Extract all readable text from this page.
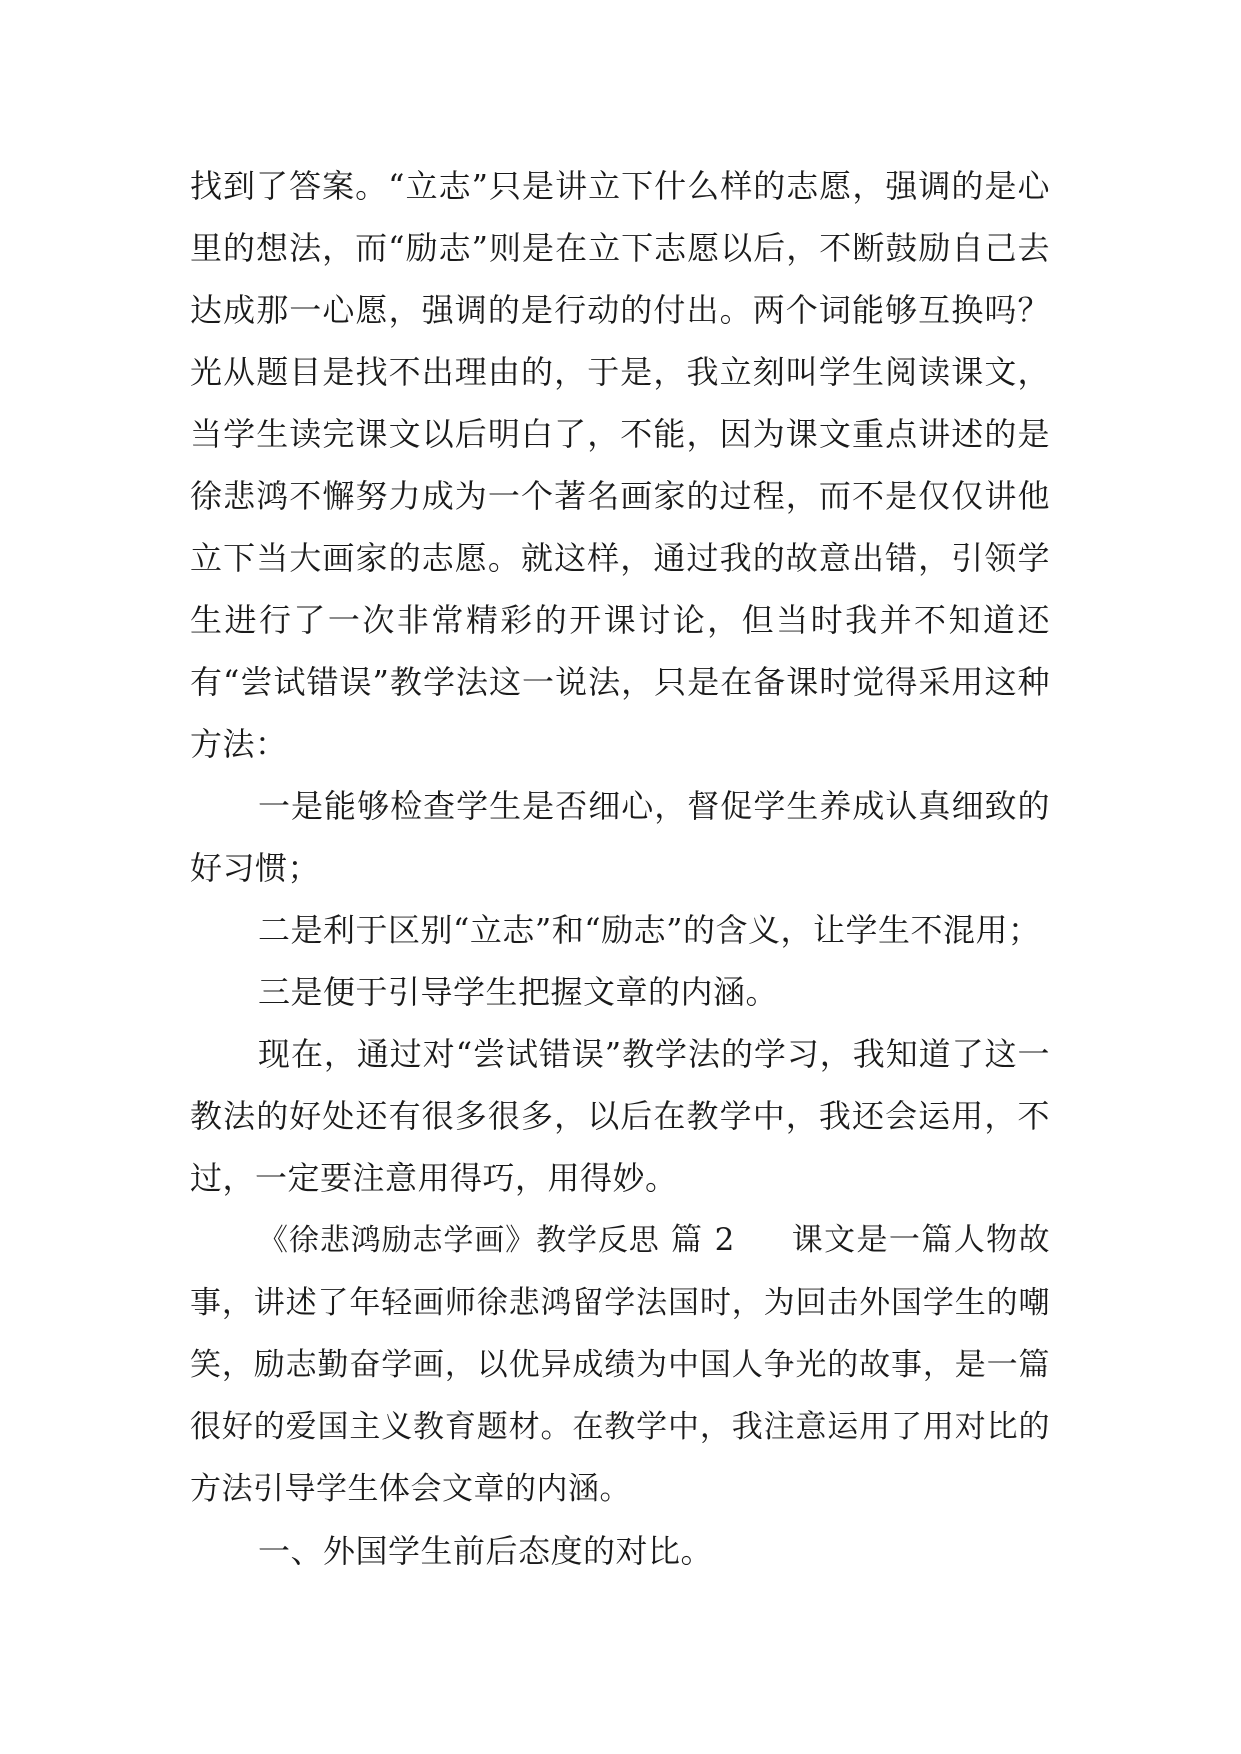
找到了答案。“立志”只是讲立下什么样的志愿，强调的是心里的想法，而“励志”则是在立下志愿以后，不断鼓励自己去达成那一心愿，强调的是行动的付出。两个词能够互换吗？光从题目是找不出理由的，于是，我立刻叫学生阅读课文，当学生读完课文以后明白了，不能，因为课文重点讲述的是徐悲鸿不懈努力成为一个著名画家的过程，而不是仅仅讲他立下当大画家的志愿。就这样，通过我的故意出错，引领学生进行了一次非常精彩的开课讨论，但当时我并不知道还有“尝试错误”教学法这一说法，只是在备课时觉得采用这种方法：

一是能够检查学生是否细心，督促学生养成认真细致的好习惯；

二是利于区别“立志”和“励志”的含义，让学生不混用；

三是便于引导学生把握文章的内涵。

现在，通过对“尝试错误”教学法的学习，我知道了这一教法的好处还有很多很多，以后在教学中，我还会运用，不过，一定要注意用得巧，用得妙。

《徐悲鸿励志学画》教学反思 篇 2 课文是一篇人物故事，讲述了年轻画师徐悲鸿留学法国时，为回击外国学生的嘲笑，励志勤奋学画，以优异成绩为中国人争光的故事，是一篇很好的爱国主义教育题材。在教学中，我注意运用了用对比的方法引导学生体会文章的内涵。

一、外国学生前后态度的对比。
